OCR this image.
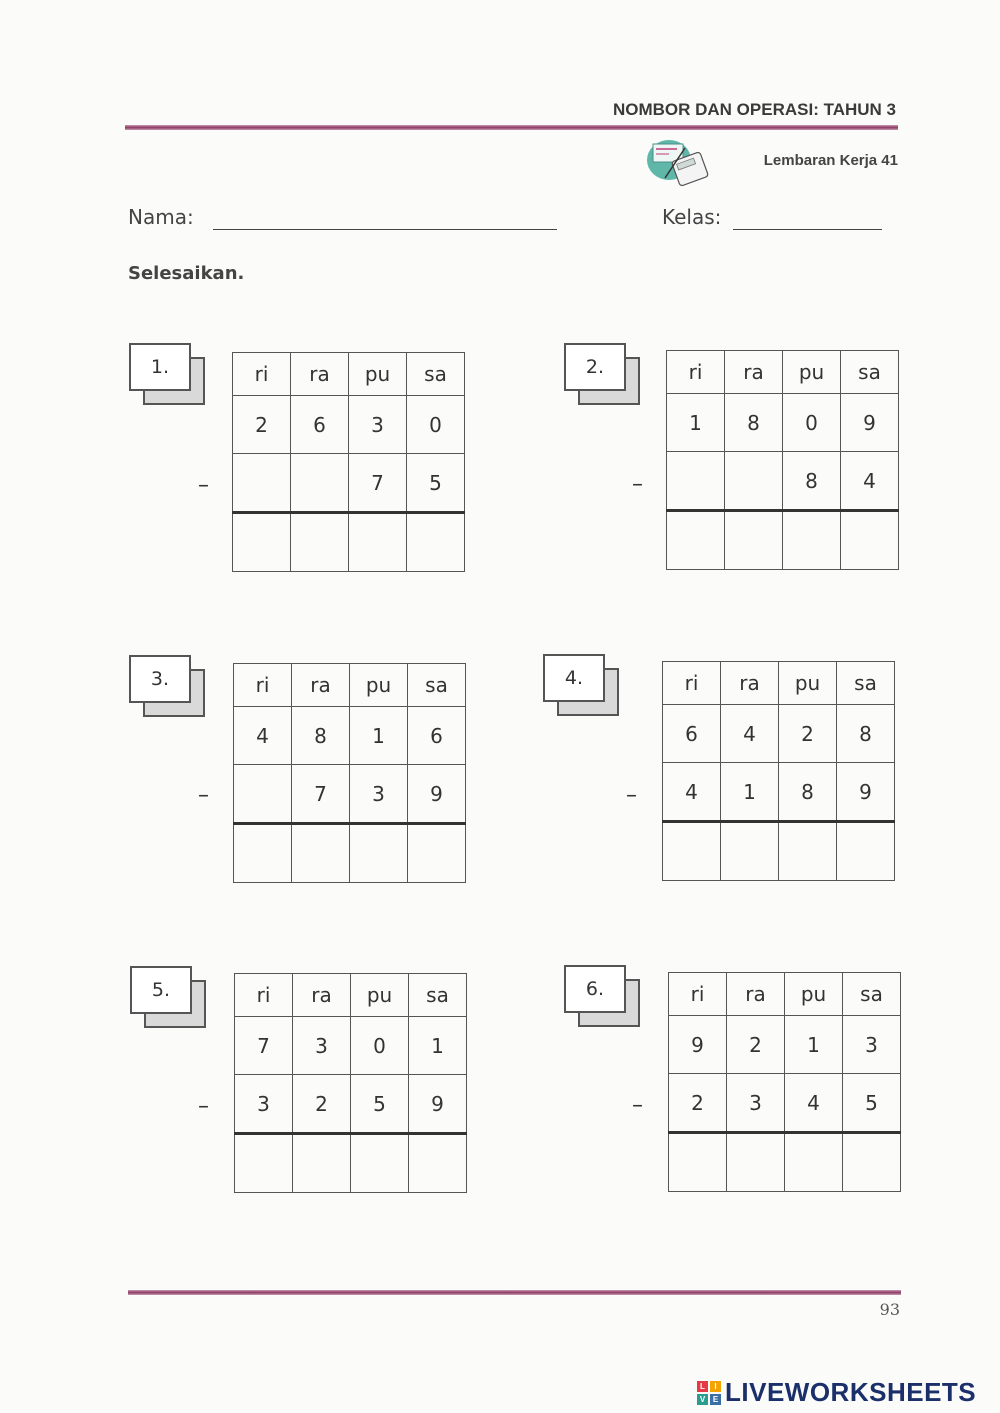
NOMBOR DAN OPERASI: TAHUN 3
Lembaran Kerja 41
Nama:	Kelas:
Selesaikan.
1.
–
ri	ra	pu	sa
2	6	3	0
		7	5

2.
–
ri	ra	pu	sa
1	8	0	9
		8	4

3.
–
ri	ra	pu	sa
4	8	1	6
	7	3	9

4.
–
ri	ra	pu	sa
6	4	2	8
4	1	8	9

5.
–
ri	ra	pu	sa
7	3	0	1
3	2	5	9

6.
–
ri	ra	pu	sa
9	2	1	3
2	3	4	5

93
L	I
V E LIVEWORKSHEETS
